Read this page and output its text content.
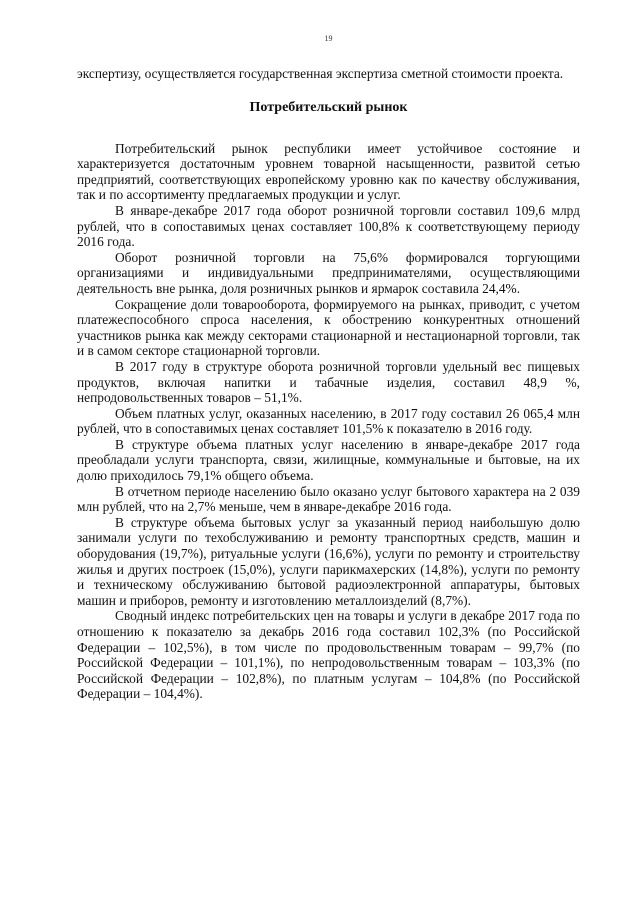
19

экспертизу, осуществляется государственная экспертиза сметной стоимости проекта.

Потребительский рынок

Потребительский рынок республики имеет устойчивое состояние и характеризуется достаточным уровнем товарной насыщенности, развитой сетью предприятий, соответствующих европейскому уровню как по качеству обслуживания, так и по ассортименту предлагаемых продукции и услуг.

В январе-декабре 2017 года оборот розничной торговли составил 109,6 млрд рублей, что в сопоставимых ценах составляет 100,8% к соответствующему периоду 2016 года.

Оборот розничной торговли на 75,6% формировался торгующими организациями и индивидуальными предпринимателями, осуществляющими деятельность вне рынка, доля розничных рынков и ярмарок составила 24,4%.

Сокращение доли товарооборота, формируемого на рынках, приводит, с учетом платежеспособного спроса населения, к обострению конкурентных отношений участников рынка как между секторами стационарной и нестационарной торговли, так и в самом секторе стационарной торговли.

В 2017 году в структуре оборота розничной торговли удельный вес пищевых продуктов, включая напитки и табачные изделия, составил 48,9 %, непродовольственных товаров – 51,1%.

Объем платных услуг, оказанных населению, в 2017 году составил 26 065,4 млн рублей, что в сопоставимых ценах составляет 101,5% к показателю в 2016 году.

В структуре объема платных услуг населению в январе-декабре 2017 года преобладали услуги транспорта, связи, жилищные, коммунальные и бытовые, на их долю приходилось 79,1% общего объема.

В отчетном периоде населению было оказано услуг бытового характера на 2 039 млн рублей, что на 2,7% меньше, чем в январе-декабре 2016 года.

В структуре объема бытовых услуг за указанный период наибольшую долю занимали услуги по техобслуживанию и ремонту транспортных средств, машин и оборудования (19,7%), ритуальные услуги (16,6%), услуги по ремонту и строительству жилья и других построек (15,0%), услуги парикмахерских (14,8%), услуги по ремонту и техническому обслуживанию бытовой радиоэлектронной аппаратуры, бытовых машин и приборов, ремонту и изготовлению металлоизделий (8,7%).

Сводный индекс потребительских цен на товары и услуги в декабре 2017 года по отношению к показателю за декабрь 2016 года составил 102,3% (по Российской Федерации – 102,5%), в том числе по продовольственным товарам – 99,7% (по Российской Федерации – 101,1%), по непродовольственным товарам – 103,3% (по Российской Федерации – 102,8%), по платным услугам – 104,8% (по Российской Федерации – 104,4%).
